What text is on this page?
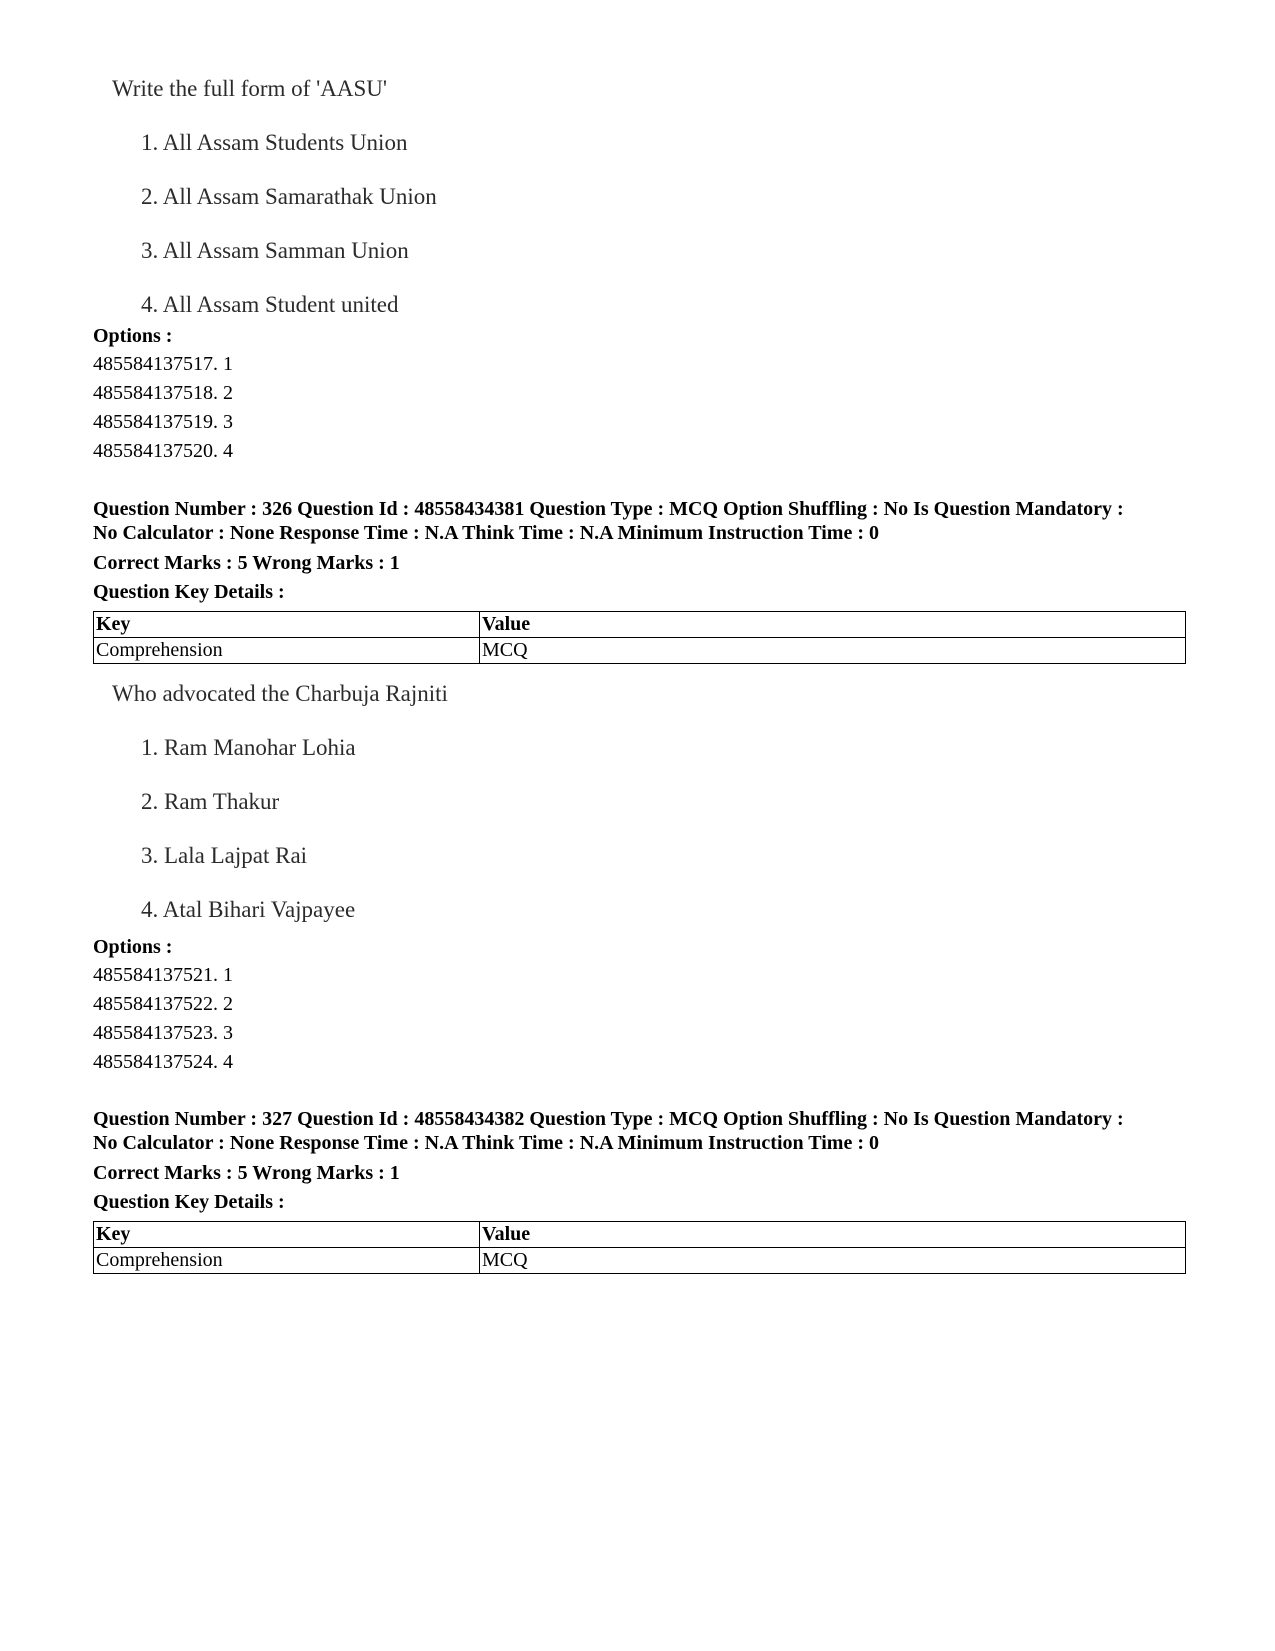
Write the full form of 'AASU'
1. All Assam Students Union
2. All Assam Samarathak Union
3. All Assam Samman Union
4. All Assam Student united
Options :
485584137517. 1
485584137518. 2
485584137519. 3
485584137520. 4
Question Number : 326 Question Id : 48558434381 Question Type : MCQ Option Shuffling : No Is Question Mandatory :
No Calculator : None Response Time : N.A Think Time : N.A Minimum Instruction Time : 0
Correct Marks : 5 Wrong Marks : 1
Question Key Details :
Key	Value
Comprehension	MCQ
Who advocated the Charbuja Rajniti
1. Ram Manohar Lohia
2. Ram Thakur
3. Lala Lajpat Rai
4. Atal Bihari Vajpayee
Options :
485584137521. 1
485584137522. 2
485584137523. 3
485584137524. 4
Question Number : 327 Question Id : 48558434382 Question Type : MCQ Option Shuffling : No Is Question Mandatory :
No Calculator : None Response Time : N.A Think Time : N.A Minimum Instruction Time : 0
Correct Marks : 5 Wrong Marks : 1
Question Key Details :
Key	Value
Comprehension	MCQ
